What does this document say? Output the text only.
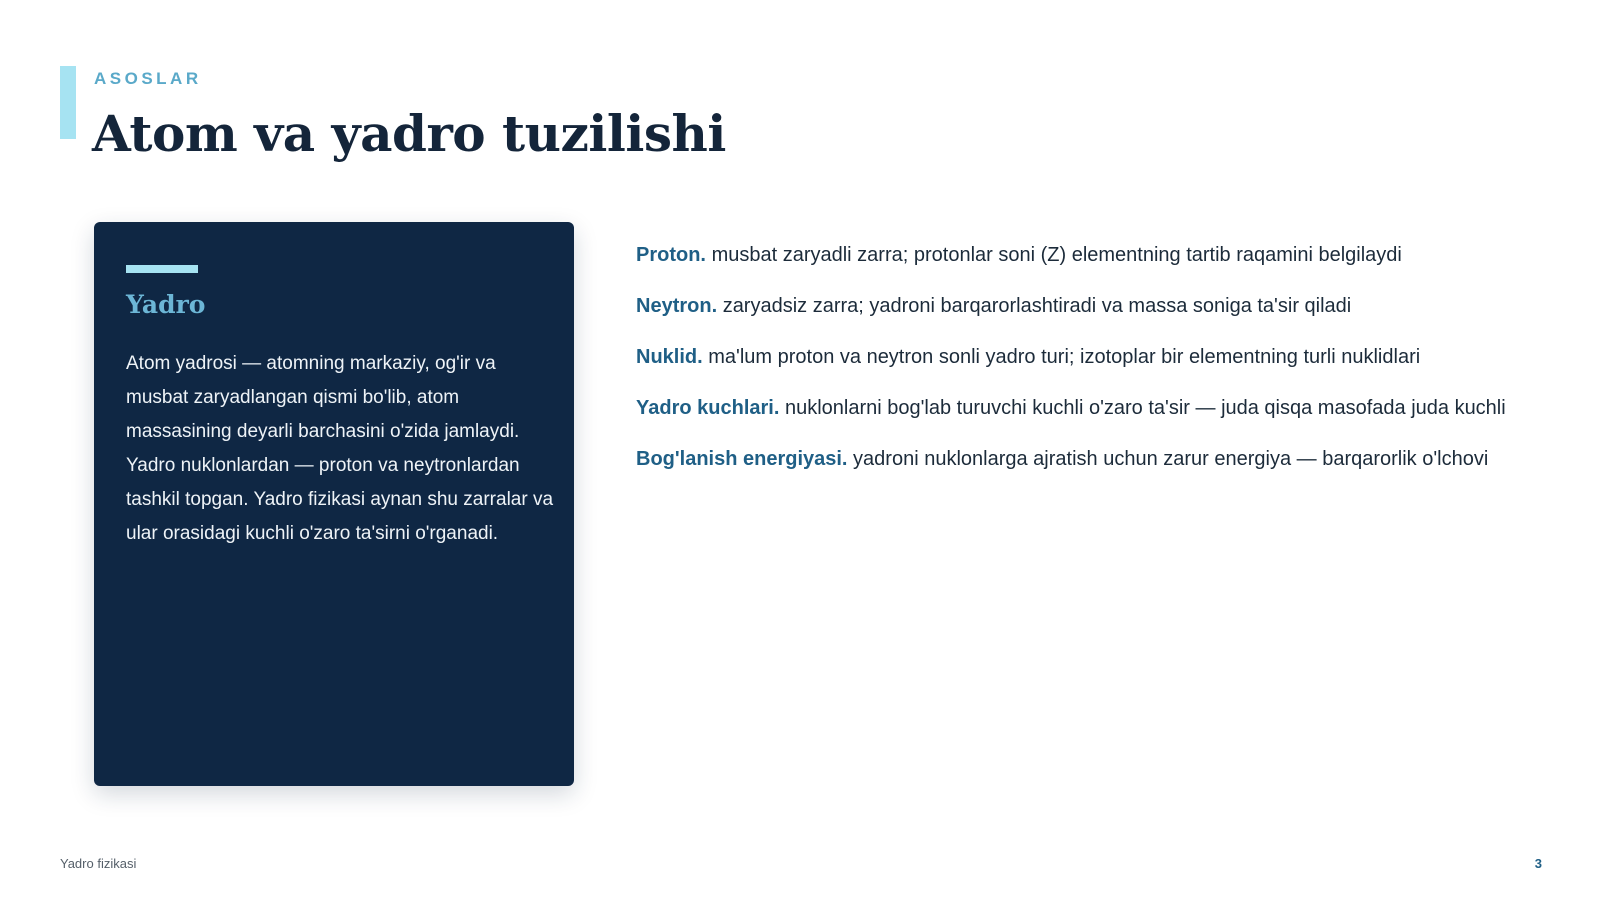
ASOSLAR
Atom va yadro tuzilishi
Yadro

Atom yadrosi — atomning markaziy, og'ir va musbat zaryadlangan qismi bo'lib, atom massasining deyarli barchasini o'zida jamlaydi. Yadro nuklonlardan — proton va neytronlardan tashkil topgan. Yadro fizikasi aynan shu zarralar va ular orasidagi kuchli o'zaro ta'sirni o'rganadi.

Proton. musbat zaryadli zarra; protonlar soni (Z) elementning tartib raqamini belgilaydi

Neytron. zaryadsiz zarra; yadroni barqarorlashtiradi va massa soniga ta'sir qiladi

Nuklid. ma'lum proton va neytron sonli yadro turi; izotoplar bir elementning turli nuklidlari

Yadro kuchlari. nuklonlarni bog'lab turuvchi kuchli o'zaro ta'sir — juda qisqa masofada juda kuchli

Bog'lanish energiyasi. yadroni nuklonlarga ajratish uchun zarur energiya — barqarorlik o'lchovi

Yadro fizikasi	3
